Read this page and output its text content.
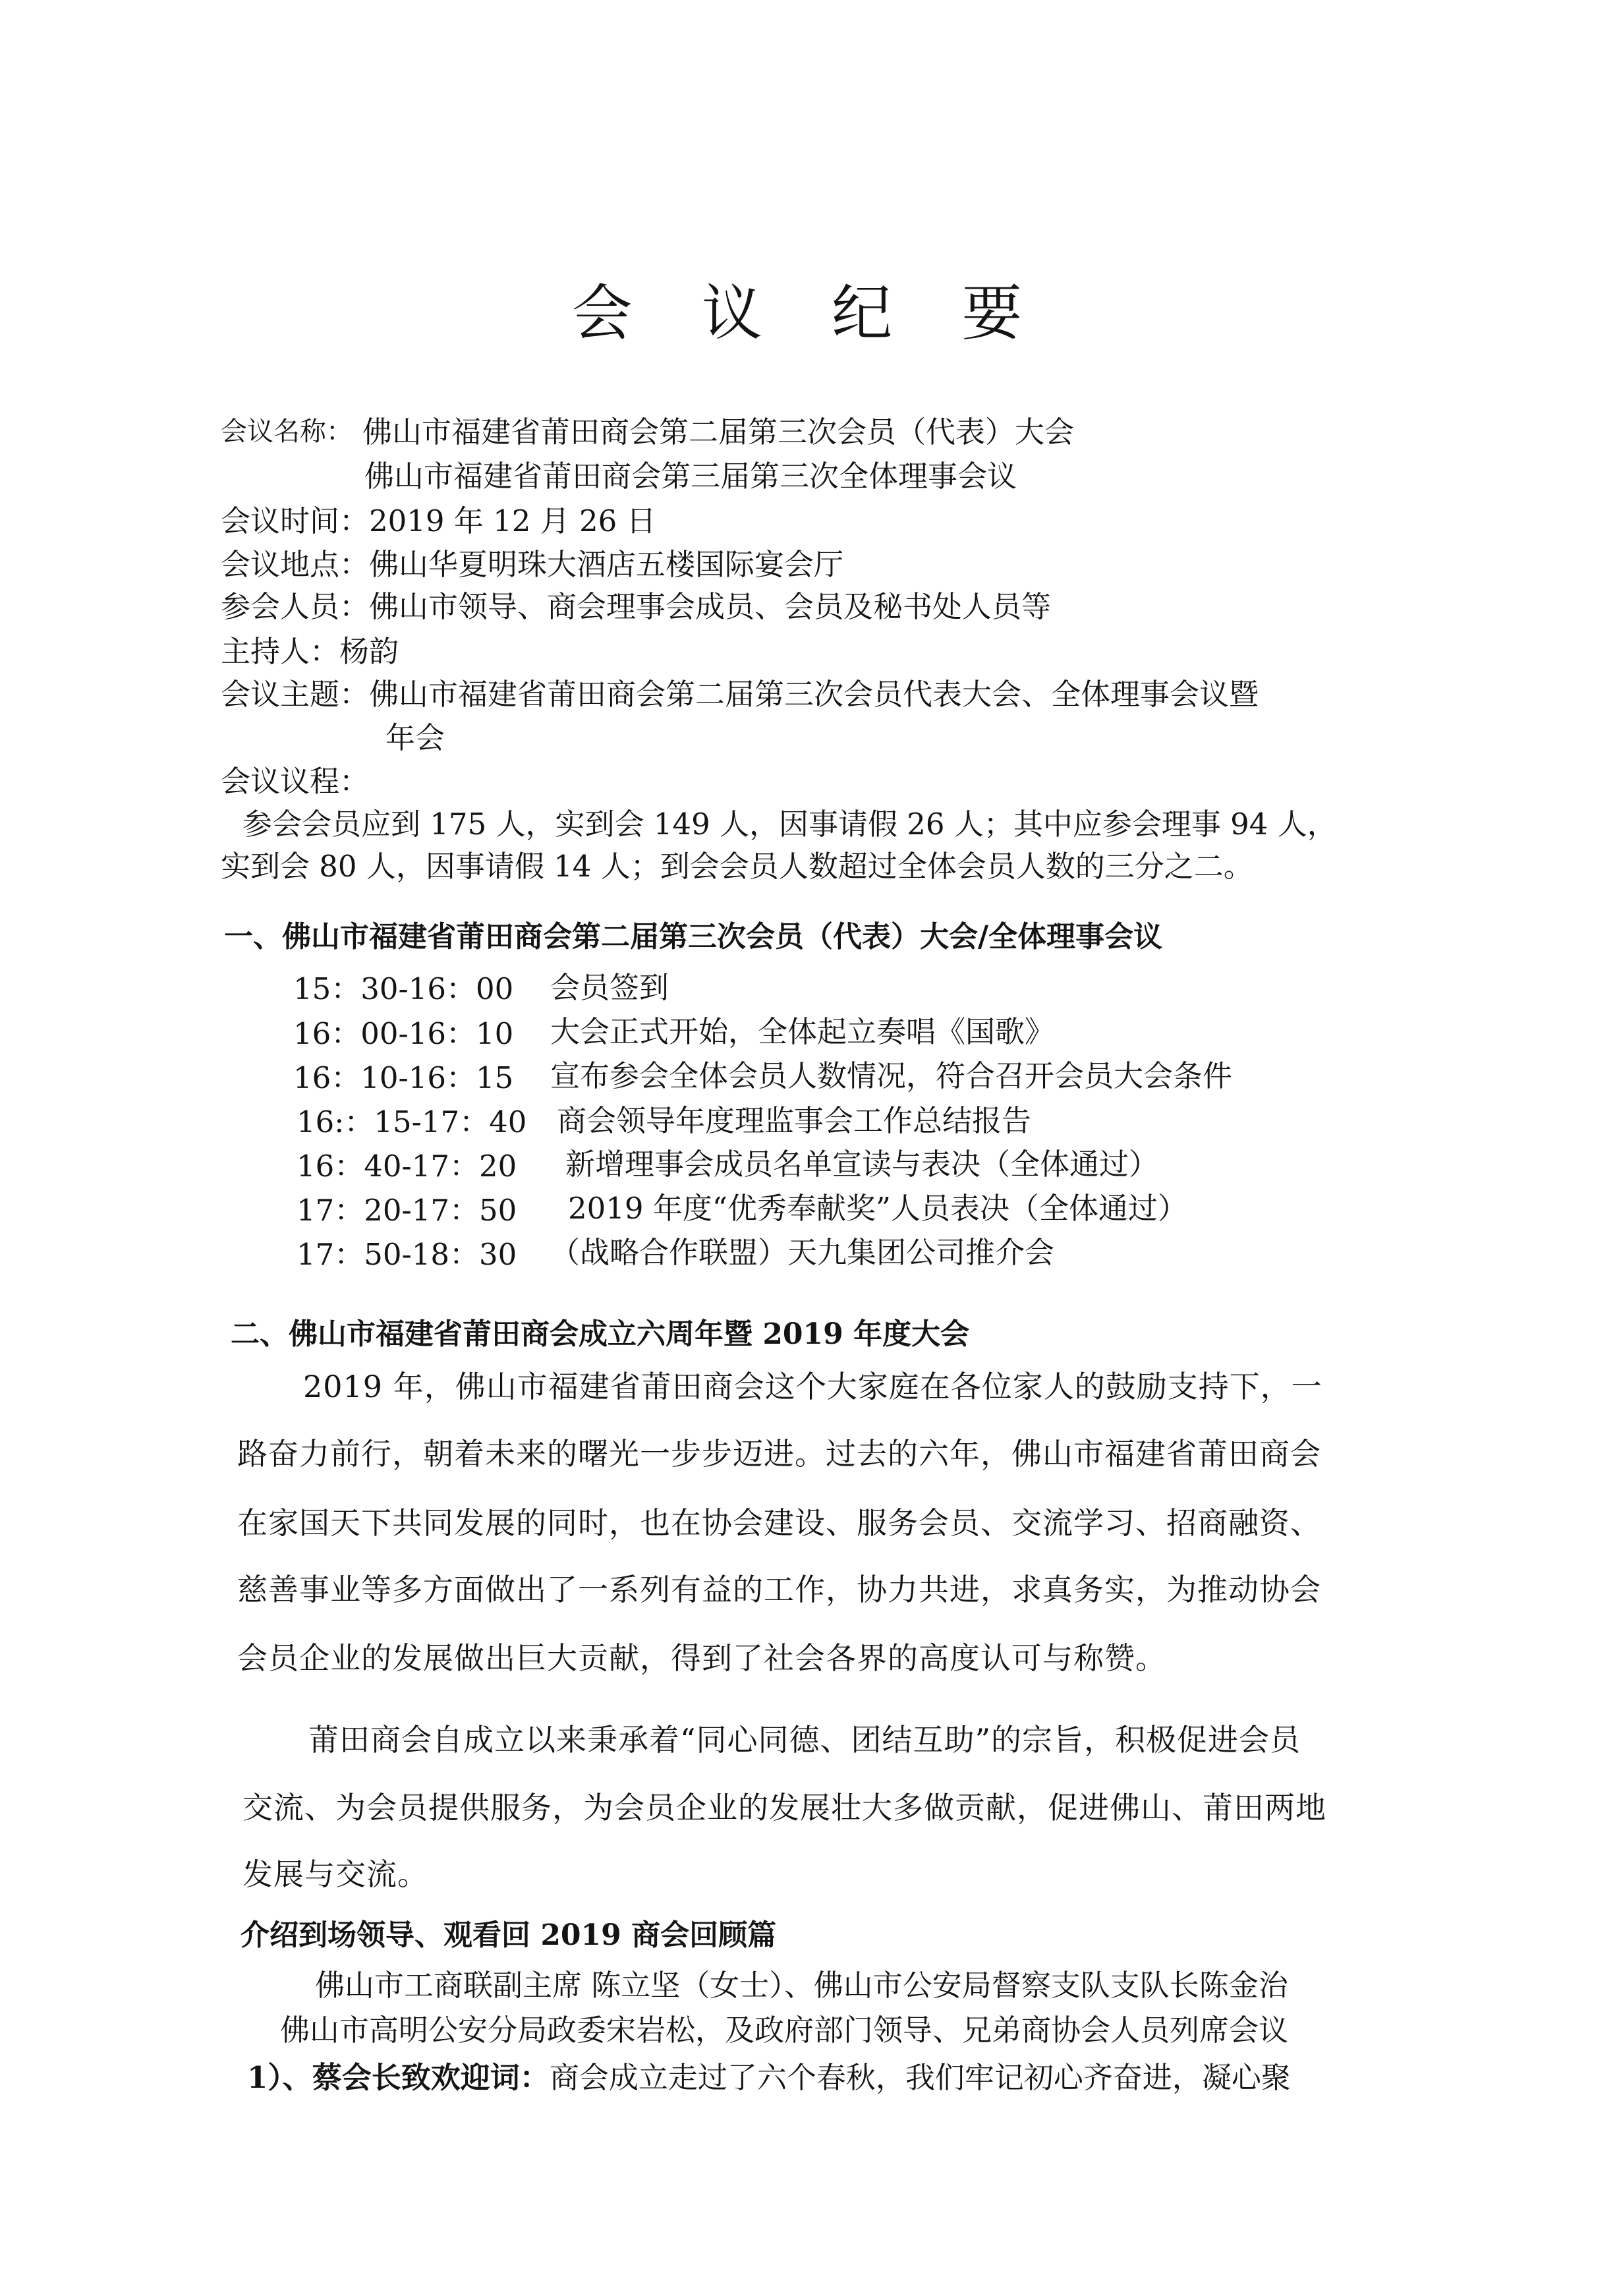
会 议 纪 要
会议名称： 佛山市福建省莆田商会第二届第三次会员（代表）大会
佛山市福建省莆田商会第三届第三次全体理事会议
会议时间：2019 年 12 月 26 日
会议地点：佛山华夏明珠大酒店五楼国际宴会厅
参会人员：佛山市领导、商会理事会成员、会员及秘书处人员等
主持人：杨韵
会议主题：佛山市福建省莆田商会第二届第三次会员代表大会、全体理事会议暨
年会
会议议程：
参会会员应到 175 人，实到会 149 人，因事请假 26 人；其中应参会理事 94 人，
实到会 80 人，因事请假 14 人；到会会员人数超过全体会员人数的三分之二。
一、佛山市福建省莆田商会第二届第三次会员（代表）大会/全体理事会议
15：30-16：00 会员签到
16：00-16：10 大会正式开始，全体起立奏唱《国歌》
16：10-16：15 宣布参会全体会员人数情况，符合召开会员大会条件
16:：15-17：40 商会领导年度理监事会工作总结报告
16：40-17：20 新增理事会成员名单宣读与表决（全体通过）
17：20-17：50 2019 年度“优秀奉献奖”人员表决（全体通过）
17：50-18：30 （战略合作联盟）天九集团公司推介会
二、佛山市福建省莆田商会成立六周年暨 2019 年度大会
2019 年，佛山市福建省莆田商会这个大家庭在各位家人的鼓励支持下，一
路奋力前行，朝着未来的曙光一步步迈进。过去的六年，佛山市福建省莆田商会
在家国天下共同发展的同时，也在协会建设、服务会员、交流学习、招商融资、
慈善事业等多方面做出了一系列有益的工作，协力共进，求真务实，为推动协会
会员企业的发展做出巨大贡献，得到了社会各界的高度认可与称赞。
莆田商会自成立以来秉承着“同心同德、团结互助”的宗旨，积极促进会员
交流、为会员提供服务，为会员企业的发展壮大多做贡献，促进佛山、莆田两地
发展与交流。
介绍到场领导、观看回 2019 商会回顾篇
佛山市工商联副主席 陈立坚（女士）、佛山市公安局督察支队支队长陈金治
佛山市高明公安分局政委宋岩松，及政府部门领导、兄弟商协会人员列席会议
1）、蔡会长致欢迎词：商会成立走过了六个春秋，我们牢记初心齐奋进，凝心聚
